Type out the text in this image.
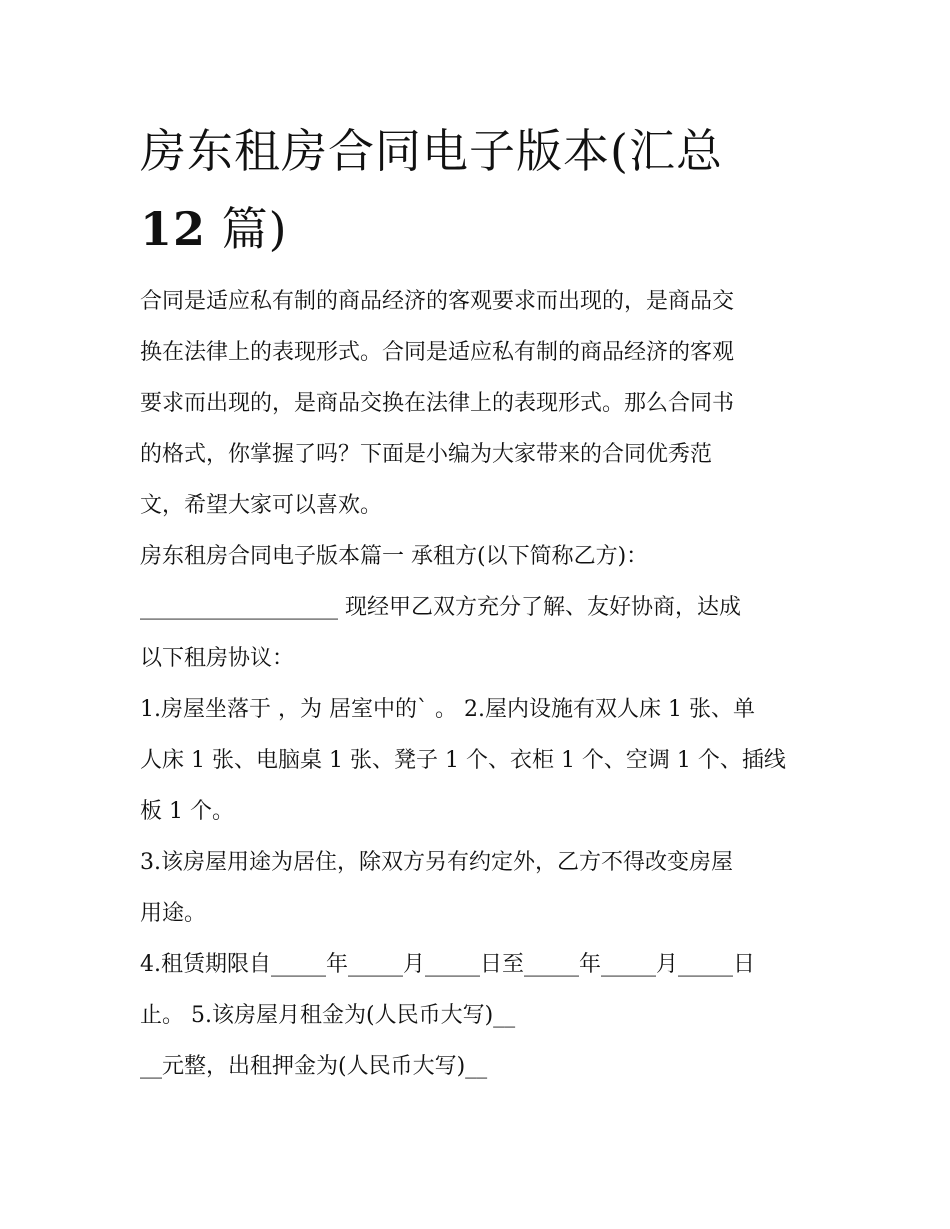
房东租房合同电子版本(汇总
12 篇)
合同是适应私有制的商品经济的客观要求而出现的，是商品交
换在法律上的表现形式。合同是适应私有制的商品经济的客观
要求而出现的，是商品交换在法律上的表现形式。那么合同书
的格式，你掌握了吗？下面是小编为大家带来的合同优秀范
文，希望大家可以喜欢。
房东租房合同电子版本篇一 承租方(以下简称乙方)：
__________________ 现经甲乙双方充分了解、友好协商，达成
以下租房协议：
1.房屋坐落于 ，为 居室中的` 。 2.屋内设施有双人床 1 张、单
人床 1 张、电脑桌 1 张、凳子 1 个、衣柜 1 个、空调 1 个、插线
板 1 个。
3.该房屋用途为居住，除双方另有约定外，乙方不得改变房屋
用途。
4.租赁期限自_____年_____月_____日至_____年_____月_____日
止。 5.该房屋月租金为(人民币大写)__
__元整，出租押金为(人民币大写)__
